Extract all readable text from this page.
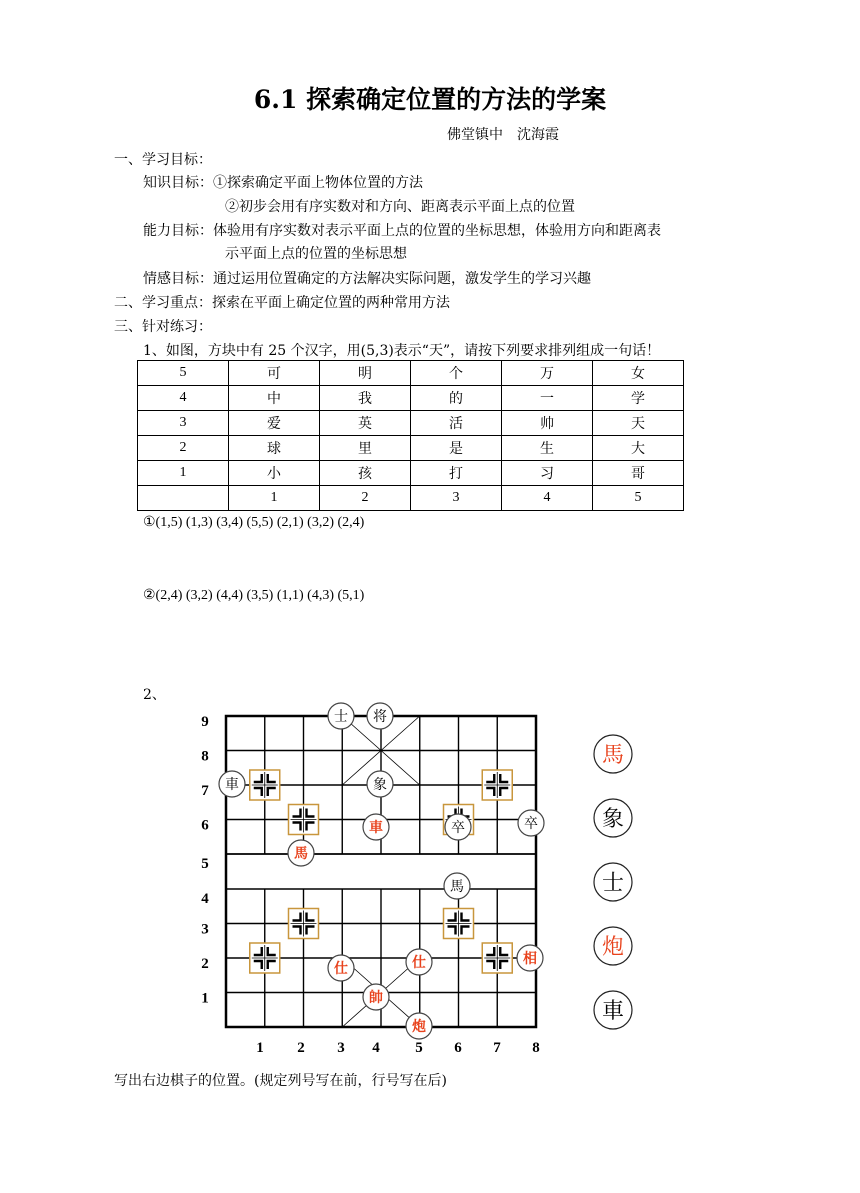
6.1 探索确定位置的方法的学案
佛堂镇中　沈海霞
一、学习目标：
知识目标：①探索确定平面上物体位置的方法
②初步会用有序实数对和方向、距离表示平面上点的位置
能力目标：体验用有序实数对表示平面上点的位置的坐标思想，体验用方向和距离表
示平面上点的位置的坐标思想
情感目标：通过运用位置确定的方法解决实际问题，激发学生的学习兴趣
二、学习重点：探索在平面上确定位置的两种常用方法
三、针对练习：
1、如图，方块中有 25 个汉字，用(5,3)表示“天”，请按下列要求排列组成一句话！
5	可	明	个	万	女
4	中	我	的	一	学
3	爱	英	活	帅	天
2	球	里	是	生	大
1	小	孩	打	习	哥
	1	2	3	4	5
①(1,5) (1,3) (3,4) (5,5) (2,1) (3,2) (2,4)
②(2,4) (3,2) (4,4) (3,5) (1,1) (4,3) (5,1)
2、
9
8
7
6
5
4
3
2
1
1 2 3 4 5 6 7 8
士 将
車	象
車	卒	卒
馬
馬
仕	仕	相
帥
炮
馬
象
士
炮
車
写出右边棋子的位置。(规定列号写在前，行号写在后)
